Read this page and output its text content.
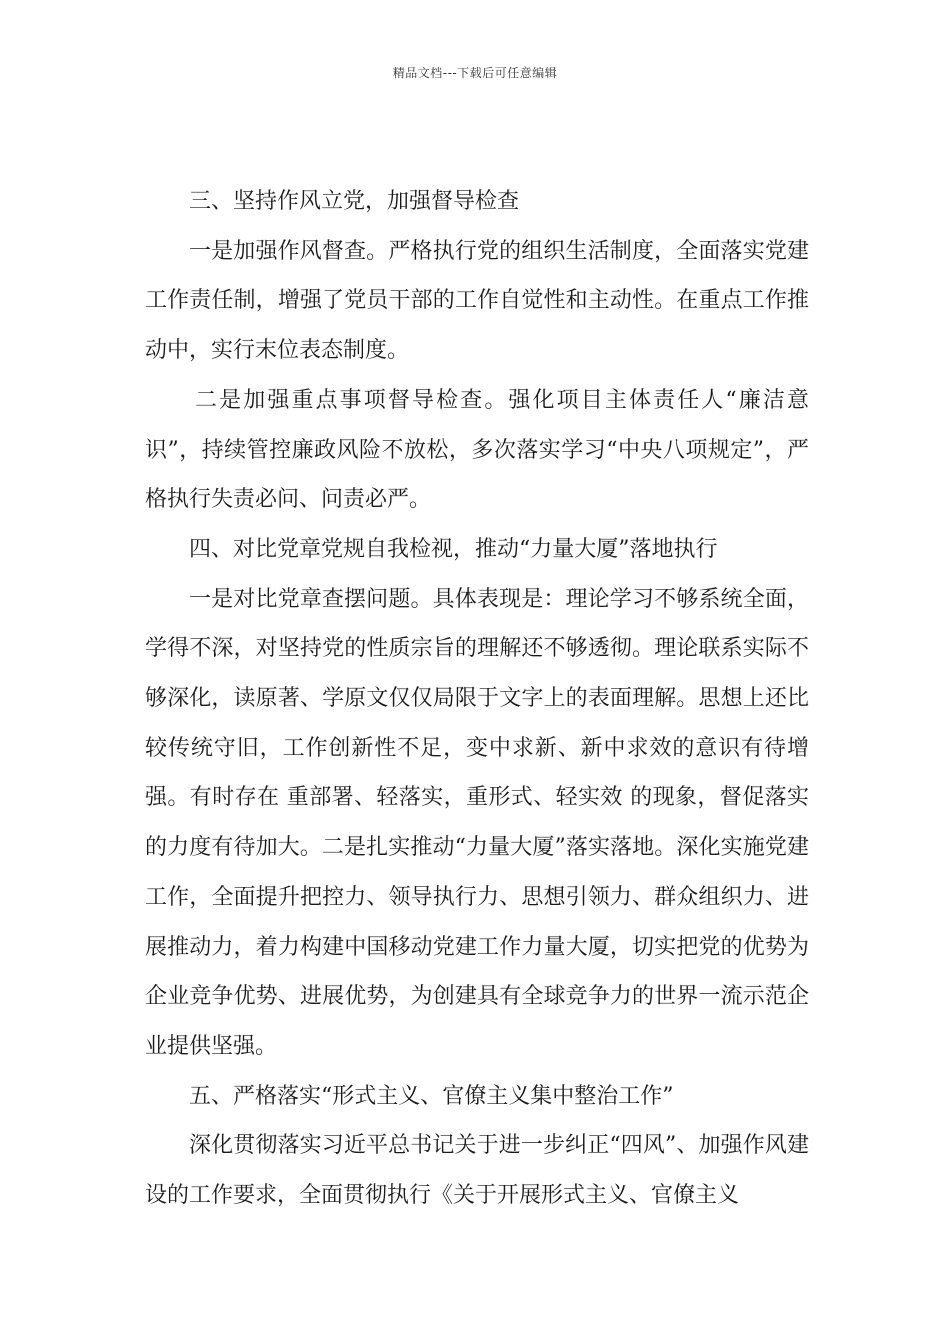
精品文档---下载后可任意编辑

三、坚持作风立党，加强督导检查

一是加强作风督查。严格执行党的组织生活制度，全面落实党建工作责任制，增强了党员干部的工作自觉性和主动性。在重点工作推动中，实行末位表态制度。

二是加强重点事项督导检查。强化项目主体责任人“廉洁意识”，持续管控廉政风险不放松，多次落实学习“中央八项规定”，严格执行失责必问、问责必严。

四、对比党章党规自我检视，推动“力量大厦”落地执行

一是对比党章查摆问题。具体表现是：理论学习不够系统全面，学得不深，对坚持党的性质宗旨的理解还不够透彻。理论联系实际不够深化，读原著、学原文仅仅局限于文字上的表面理解。思想上还比较传统守旧，工作创新性不足，变中求新、新中求效的意识有待增强。有时存在 重部署、轻落实，重形式、轻实效 的现象，督促落实的力度有待加大。二是扎实推动“力量大厦”落实落地。深化实施党建工作，全面提升把控力、领导执行力、思想引领力、群众组织力、进展推动力，着力构建中国移动党建工作力量大厦，切实把党的优势为企业竞争优势、进展优势，为创建具有全球竞争力的世界一流示范企业提供坚强。

五、严格落实“形式主义、官僚主义集中整治工作”

深化贯彻落实习近平总书记关于进一步纠正“四风”、加强作风建设的工作要求，全面贯彻执行《关于开展形式主义、官僚主义
